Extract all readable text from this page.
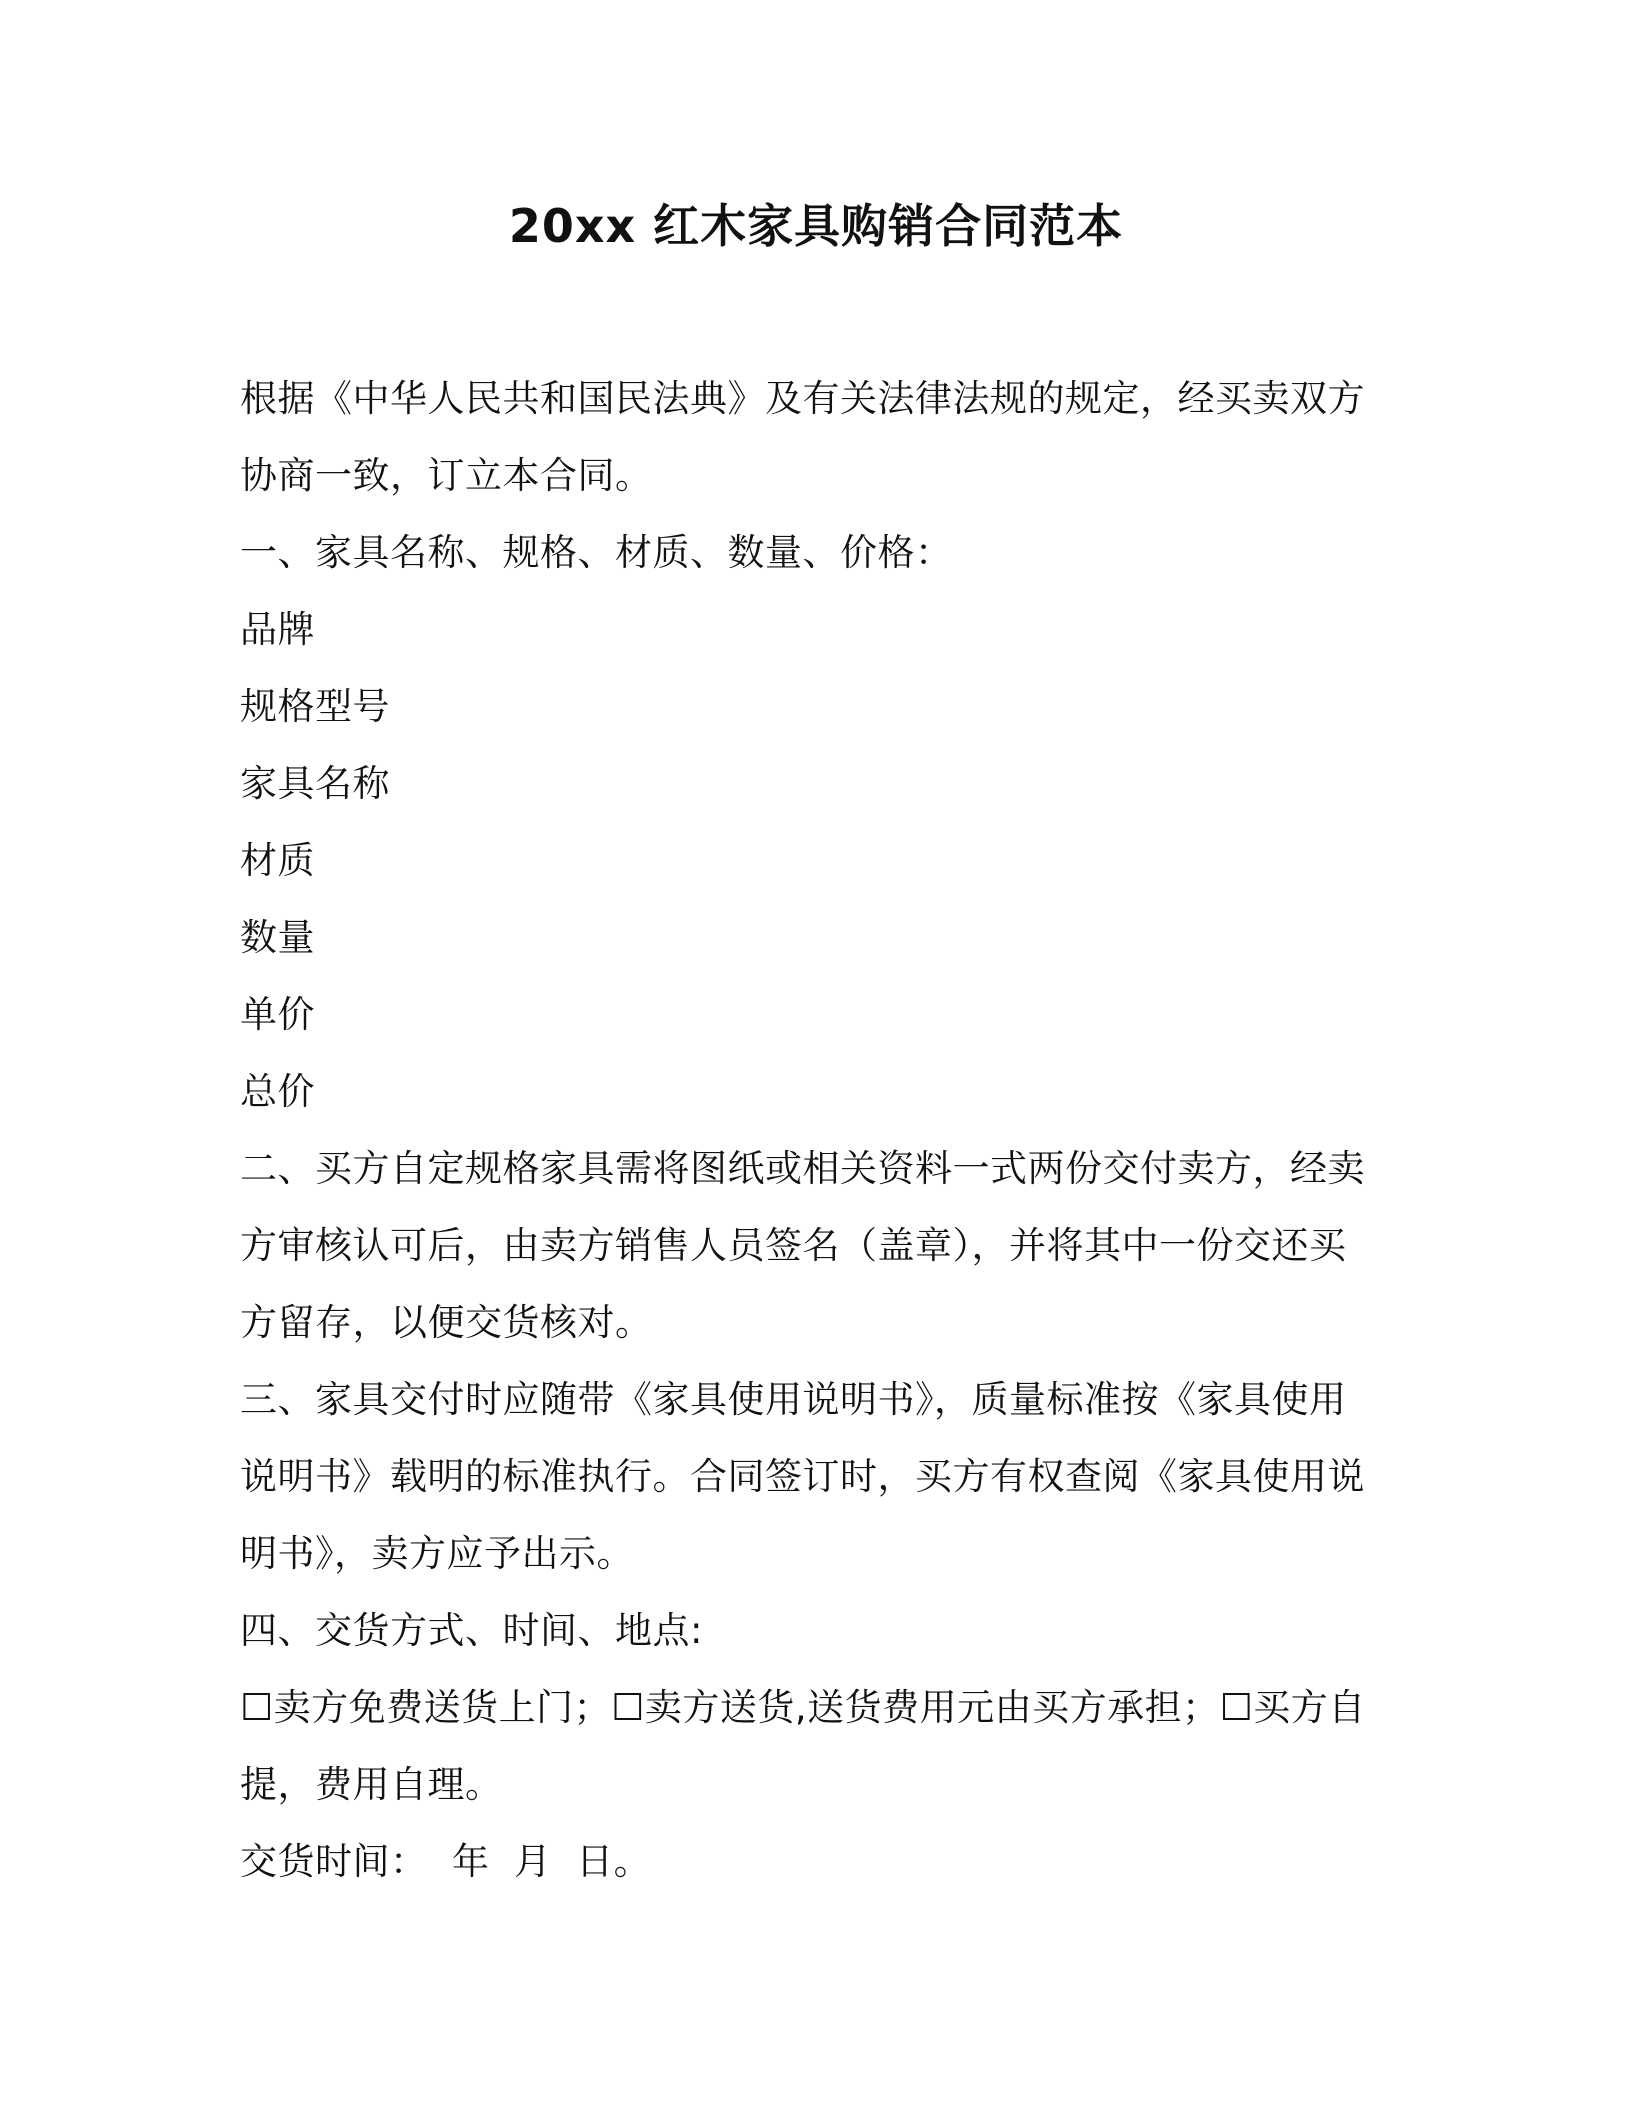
20xx 红木家具购销合同范本
根据《中华人民共和国民法典》及有关法律法规的规定，经买卖双方
协商一致，订立本合同。
一、家具名称、规格、材质、数量、价格：
品牌
规格型号
家具名称
材质
数量
单价
总价
二、买方自定规格家具需将图纸或相关资料一式两份交付卖方，经卖
方审核认可后，由卖方销售人员签名（盖章），并将其中一份交还买
方留存，以便交货核对。
三、家具交付时应随带《家具使用说明书》，质量标准按《家具使用
说明书》载明的标准执行。合同签订时，买方有权查阅《家具使用说
明书》，卖方应予出示。
四、交货方式、时间、地点:
☐卖方免费送货上门；☐卖方送货,送货费用元由买方承担；☐买方自
提，费用自理。
交货时间：  年  月  日。
